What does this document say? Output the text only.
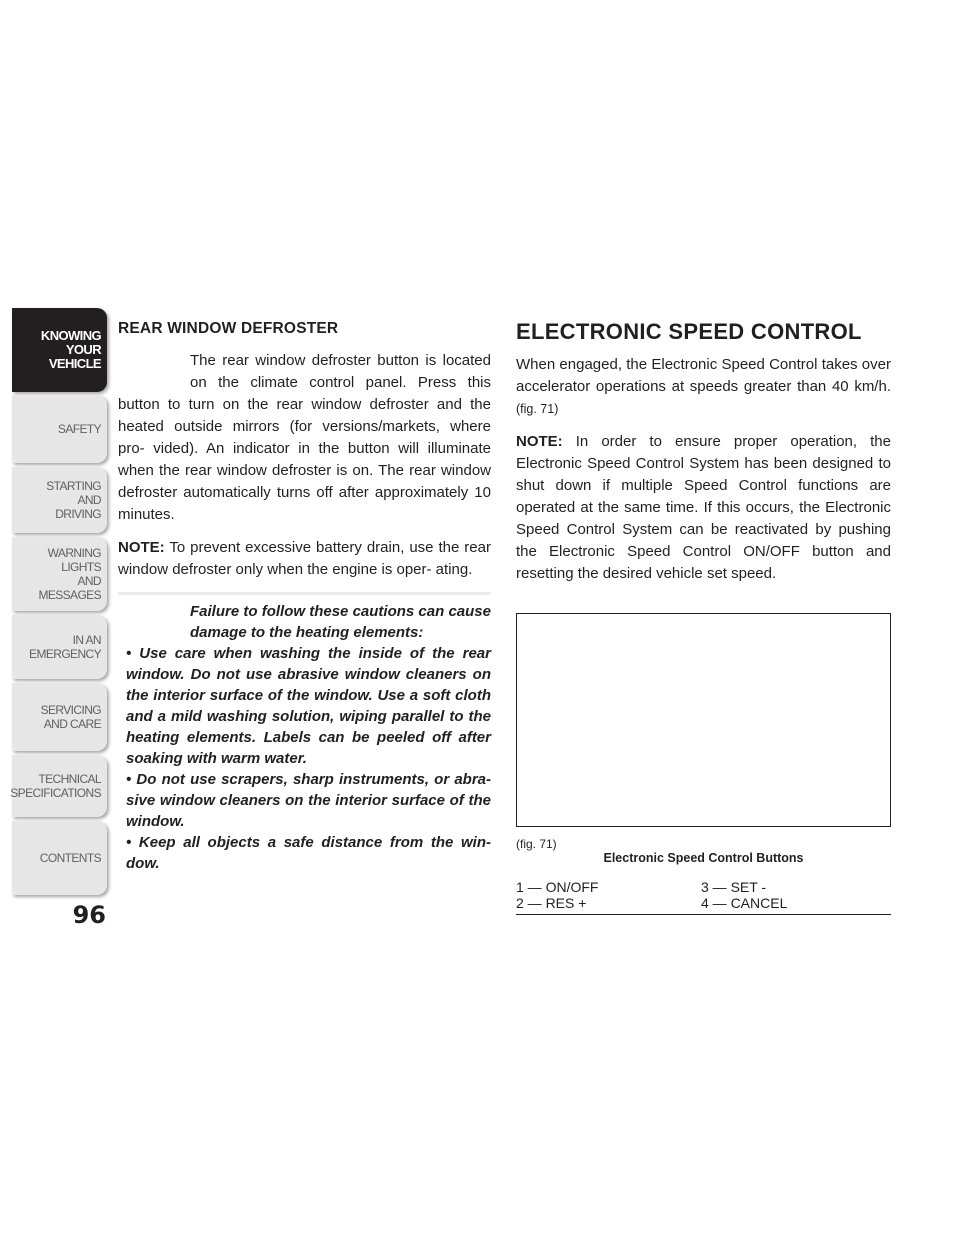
KNOWING
YOUR
VEHICLE
SAFETY
STARTING
AND
DRIVING
WARNING
LIGHTS
AND
MESSAGES
IN AN
EMERGENCY
SERVICING
AND CARE
TECHNICAL
SPECIFICATIONS
CONTENTS
96
REAR WINDOW DEFROSTER

The rear window defroster button is located on the climate control panel. Press this button to turn on the rear window defroster and the heated outside mirrors (for versions/markets, where pro- vided). An indicator in the button will illuminate when the rear window defroster is on. The rear window defroster automatically turns off after approximately 10 minutes.

NOTE: To prevent excessive battery drain, use the rear window defroster only when the engine is oper- ating.

Failure to follow these cautions can cause damage to the heating elements:

• Use care when washing the inside of the rear window. Do not use abrasive window cleaners on the interior surface of the window. Use a soft cloth and a mild washing solution, wiping parallel to the heating elements. Labels can be peeled off after soaking with warm water.

• Do not use scrapers, sharp instruments, or abra- sive window cleaners on the interior surface of the window.

• Keep all objects a safe distance from the win- dow.

ELECTRONIC SPEED CONTROL

When engaged, the Electronic Speed Control takes over accelerator operations at speeds greater than 40 km/h. (fig. 71)

NOTE: In order to ensure proper operation, the Electronic Speed Control System has been designed to shut down if multiple Speed Control functions are operated at the same time. If this occurs, the Electronic Speed Control System can be reactivated by pushing the Electronic Speed Control ON/OFF button and resetting the desired vehicle set speed.

(fig. 71)
Electronic Speed Control Buttons
1 — ON/OFF	3 — SET -
2 — RES +	4 — CANCEL
